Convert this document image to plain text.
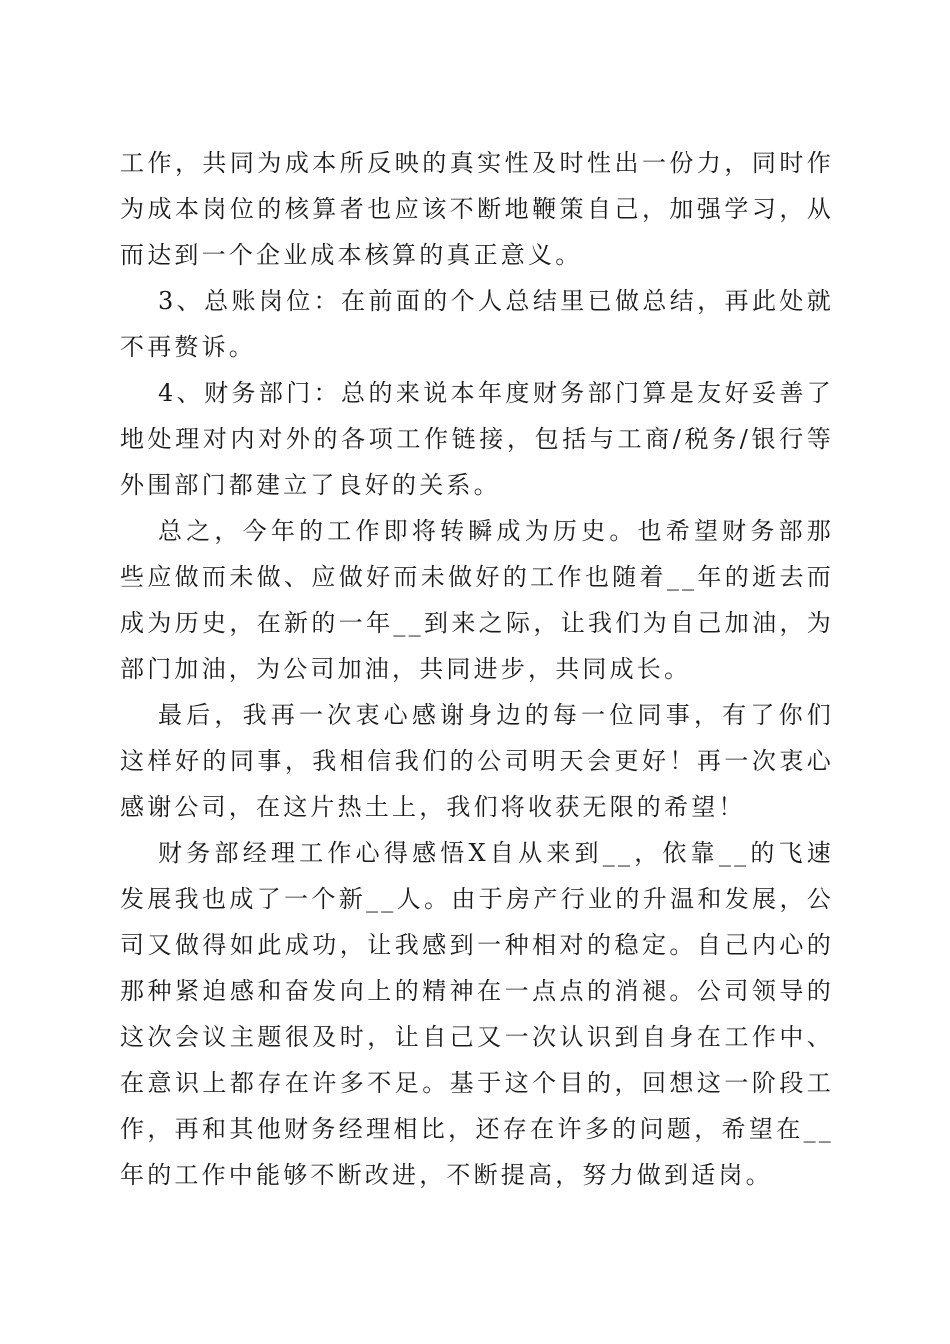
工作，共同为成本所反映的真实性及时性出一份力，同时作为成本岗位的核算者也应该不断地鞭策自己，加强学习，从而达到一个企业成本核算的真正意义。

3、总账岗位：在前面的个人总结里已做总结，再此处就不再赘诉。

4、财务部门：总的来说本年度财务部门算是友好妥善了地处理对内对外的各项工作链接，包括与工商/税务/银行等外围部门都建立了良好的关系。

总之，今年的工作即将转瞬成为历史。也希望财务部那些应做而未做、应做好而未做好的工作也随着__年的逝去而成为历史，在新的一年__到来之际，让我们为自己加油，为部门加油，为公司加油，共同进步，共同成长。

最后，我再一次衷心感谢身边的每一位同事，有了你们这样好的同事，我相信我们的公司明天会更好！再一次衷心感谢公司，在这片热土上，我们将收获无限的希望！

财务部经理工作心得感悟X自从来到__，依靠__的飞速发展我也成了一个新__人。由于房产行业的升温和发展，公司又做得如此成功，让我感到一种相对的稳定。自己内心的那种紧迫感和奋发向上的精神在一点点的消褪。公司领导的这次会议主题很及时，让自己又一次认识到自身在工作中、在意识上都存在许多不足。基于这个目的，回想这一阶段工作，再和其他财务经理相比，还存在许多的问题，希望在__年的工作中能够不断改进，不断提高，努力做到适岗。
